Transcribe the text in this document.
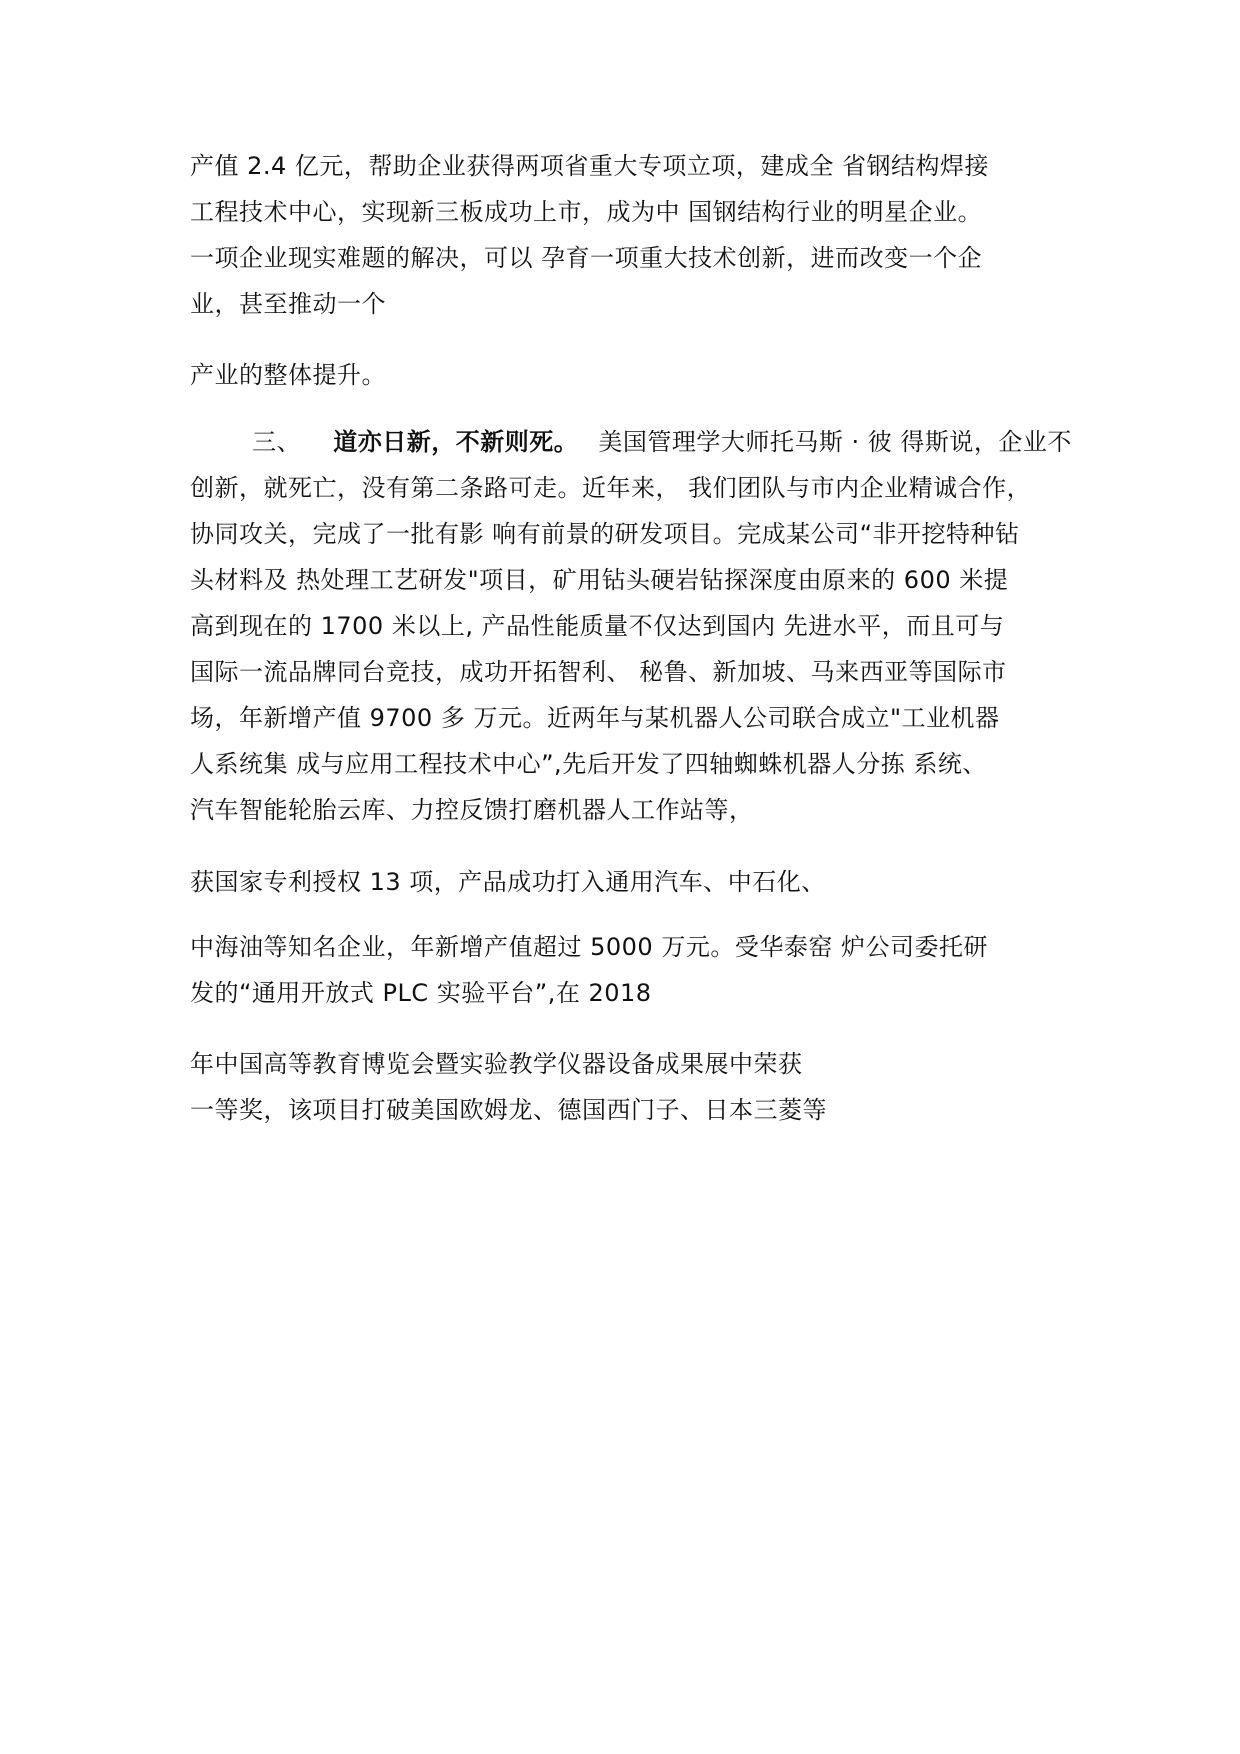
产值 2.4 亿元，帮助企业获得两项省重大专项立项，建成全 省钢结构焊接
工程技术中心，实现新三板成功上市，成为中 国钢结构行业的明星企业。
一项企业现实难题的解决，可以 孕育一项重大技术创新，进而改变一个企
业，甚至推动一个
产业的整体提升。
三、 道亦日新，不新则死。 美国管理学大师托马斯 · 彼 得斯说，企业不
创新，就死亡，没有第二条路可走。近年来， 我们团队与市内企业精诚合作，
协同攻关，完成了一批有影 响有前景的研发项目。完成某公司“非开挖特种钻
头材料及 热处理工艺研发"项目，矿用钻头硬岩钻探深度由原来的 600 米提
高到现在的 1700 米以上, 产品性能质量不仅达到国内 先进水平，而且可与
国际一流品牌同台竞技，成功开拓智利、 秘鲁、新加坡、马来西亚等国际市
场，年新增产值 9700 多 万元。近两年与某机器人公司联合成立"工业机器
人系统集 成与应用工程技术中心”,先后开发了四轴蜘蛛机器人分拣 系统、
汽车智能轮胎云库、力控反馈打磨机器人工作站等，
获国家专利授权 13 项，产品成功打入通用汽车、中石化、
中海油等知名企业，年新增产值超过 5000 万元。受华泰窑 炉公司委托研
发的“通用开放式 PLC 实验平台”,在 2018
年中国高等教育博览会暨实验教学仪器设备成果展中荣获
一等奖，该项目打破美国欧姆龙、德国西门子、日本三菱等
